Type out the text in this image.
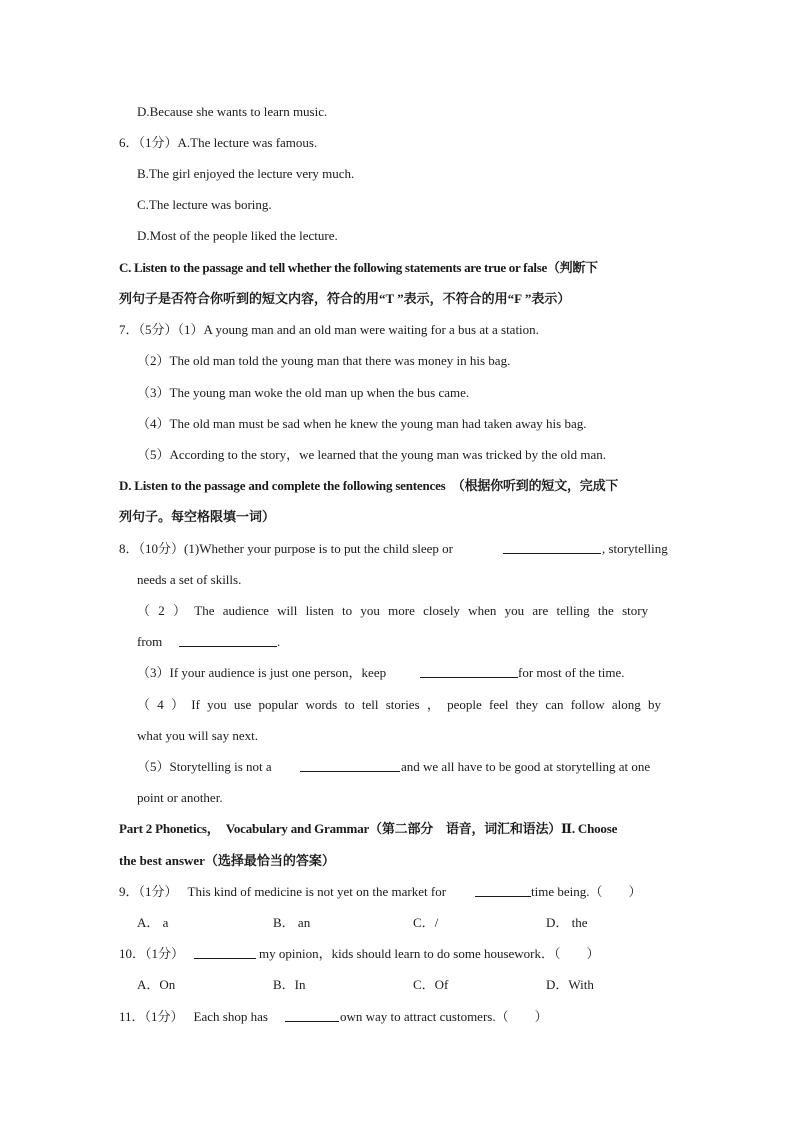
D.Because she wants to learn music.
6．（1分）A.The lecture was famous.
B.The girl enjoyed the lecture very much.
C.The lecture was boring.
D.Most of the people liked the lecture.
C. Listen to the passage and tell whether the following statements are true or false（判断下
列句子是否符合你听到的短文内容，符合的用“T ”表示，不符合的用“F ”表示）
7．（5分）（1）A young man and an old man were waiting for a bus at a station.
（2）The old man told the young man that there was money in his bag.
（3）The young man woke the old man up when the bus came.
（4）The old man must be sad when he knew the young man had taken away his bag.
（5）According to the story，we learned that the young man was tricked by the old man.
D. Listen to the passage and complete the following sentences　（根据你听到的短文，完成下
列句子。每空格限填一词）
8．（10分）(1)Whether your purpose is to put the child sleep or	, storytelling
needs a set of skills.
（ 2 ） The audience will listen to you more closely when you are telling the story
from	.
（3）If your audience is just one person，keep	for most of the time.
（ 4 ） If you use popular words to tell stories ， people feel they can follow along by
what you will say next.
（5）Storytelling is not a	and we all have to be good at storytelling at one
point or another.
Part 2 Phonetics，　Vocabulary and Grammar（第二部分　语音，词汇和语法）Ⅱ. Choose
the best answer（选择最恰当的答案）
9．（1分） This kind of medicine is not yet on the market for	time being.（　　）
A． a	B． an	C．/	D． the
10．（1分）	my opinion，kids should learn to do some housework．（　　）
A．On	B．In	C．Of	D．With
11．（1分） Each shop has	own way to attract customers.（　　）
